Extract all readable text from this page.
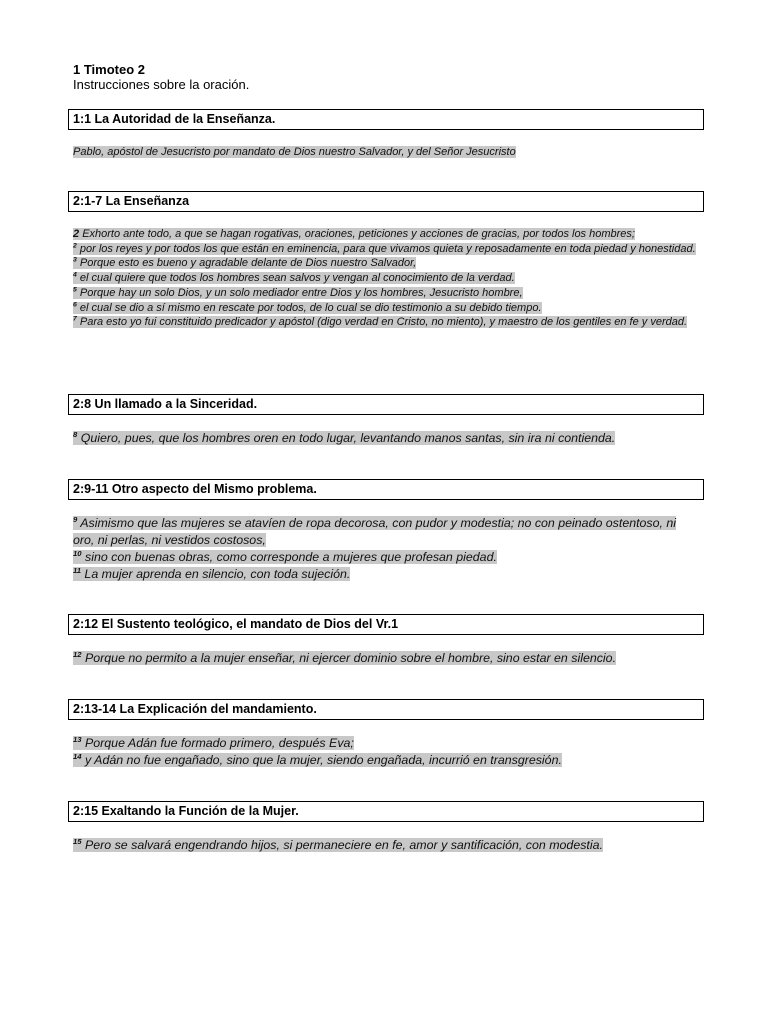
1 Timoteo 2
Instrucciones sobre la oración.
1:1 La Autoridad de la Enseñanza.
Pablo, apóstol de Jesucristo por mandato de Dios nuestro Salvador, y del Señor Jesucristo
2:1-7 La Enseñanza
2 Exhorto ante todo, a que se hagan rogativas, oraciones, peticiones y acciones de gracias, por todos los hombres;
$^2$ por los reyes y por todos los que están en eminencia, para que vivamos quieta y reposadamente en toda piedad y honestidad.
$^3$ Porque esto es bueno y agradable delante de Dios nuestro Salvador,
$^4$ el cual quiere que todos los hombres sean salvos y vengan al conocimiento de la verdad.
$^5$ Porque hay un solo Dios, y un solo mediador entre Dios y los hombres, Jesucristo hombre,
$^6$ el cual se dio a sí mismo en rescate por todos, de lo cual se dio testimonio a su debido tiempo.
$^7$ Para esto yo fui constituido predicador y apóstol (digo verdad en Cristo, no miento), y maestro de los gentiles en fe y verdad.
2:8 Un llamado a la Sinceridad.
$^8$ Quiero, pues, que los hombres oren en todo lugar, levantando manos santas, sin ira ni contienda.
2:9-11 Otro aspecto del Mismo problema.
$^9$ Asimismo que las mujeres se atavíen de ropa decorosa, con pudor y modestia; no con peinado ostentoso, ni oro, ni perlas, ni vestidos costosos,
$^{10}$ sino con buenas obras, como corresponde a mujeres que profesan piedad.
$^{11}$ La mujer aprenda en silencio, con toda sujeción.
2:12 El Sustento teológico, el mandato de Dios del Vr.1
$^{12}$ Porque no permito a la mujer enseñar, ni ejercer dominio sobre el hombre, sino estar en silencio.
2:13-14 La Explicación del mandamiento.
$^{13}$ Porque Adán fue formado primero, después Eva;
$^{14}$ y Adán no fue engañado, sino que la mujer, siendo engañada, incurrió en transgresión.
2:15 Exaltando la Función de la Mujer.
$^{15}$ Pero se salvará engendrando hijos, si permaneciere en fe, amor y santificación, con modestia.
